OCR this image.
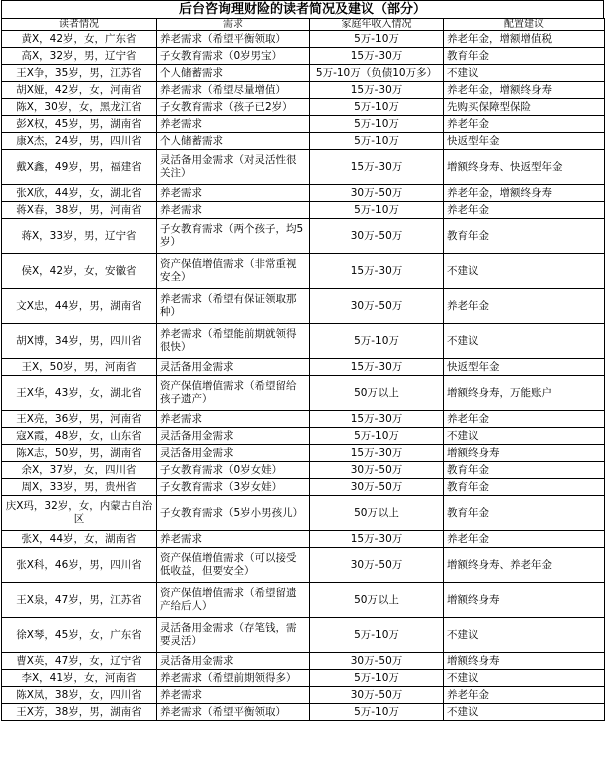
后台咨询理财险的读者简况及建议（部分）
读者情况	需求	家庭年收入情况	配置建议
黄X，42岁，女，广东省	养老需求（希望平衡领取）	5万-10万	养老年金，增额增值税
高X，32岁，男，辽宁省	子女教育需求（0岁男宝）	15万-30万	教育年金
王X争，35岁，男，江苏省	个人储蓄需求	5万-10万（负债10万多）	不建议
胡X娅，42岁，女，河南省	养老需求（希望尽量增值）	15万-30万	养老年金，增额终身寿
陈X，30岁，女，黑龙江省	子女教育需求（孩子已2岁）	5万-10万	先购买保障型保险
彭X权，45岁，男，湖南省	养老需求	5万-10万	养老年金
康X杰，24岁，男，四川省	个人储蓄需求	5万-10万	快返型年金
戴X鑫，49岁，男，福建省	灵活备用金需求（对灵活性很关注）	15万-30万	增额终身寿、快返型年金
张X欣，44岁，女，湖北省	养老需求	30万-50万	养老年金，增额终身寿
蒋X春，38岁，男，河南省	养老需求	5万-10万	养老年金
蒋X，33岁，男，辽宁省	子女教育需求（两个孩子，均5岁）	30万-50万	教育年金
侯X，42岁，女，安徽省	资产保值增值需求（非常重视安全）	15万-30万	不建议
文X忠，44岁，男，湖南省	养老需求（希望有保证领取那种）	30万-50万	养老年金
胡X博，34岁，男，四川省	养老需求（希望能前期就领得很快）	5万-10万	不建议
王X，50岁，男，河南省	灵活备用金需求	15万-30万	快返型年金
王X华，43岁，女，湖北省	资产保值增值需求（希望留给孩子遗产）	50万以上	增额终身寿，万能账户
王X亮，36岁，男，河南省	养老需求	15万-30万	养老年金
寇X霞，48岁，女，山东省	灵活备用金需求	5万-10万	不建议
陈X志，50岁，男，湖南省	灵活备用金需求	15万-30万	增额终身寿
余X，37岁，女，四川省	子女教育需求（0岁女娃）	30万-50万	教育年金
周X，33岁，男，贵州省	子女教育需求（3岁女娃）	30万-50万	教育年金
庆X玛，32岁，女，内蒙古自治区	子女教育需求（5岁小男孩儿）	50万以上	教育年金
张X，44岁，女，湖南省	养老需求	15万-30万	养老年金
张X科，46岁，男，四川省	资产保值增值需求（可以接受低收益，但要安全）	30万-50万	增额终身寿、养老年金
王X泉，47岁，男，江苏省	资产保值增值需求（希望留遗产给后人）	50万以上	增额终身寿
徐X琴，45岁，女，广东省	灵活备用金需求（存笔钱，需要灵活）	5万-10万	不建议
曹X英，47岁，女，辽宁省	灵活备用金需求	30万-50万	增额终身寿
李X，41岁，女，河南省	养老需求（希望前期领得多）	5万-10万	不建议
陈X凤，38岁，女，四川省	养老需求	30万-50万	养老年金
王X芳，38岁，男，湖南省	养老需求（希望平衡领取）	5万-10万	不建议
